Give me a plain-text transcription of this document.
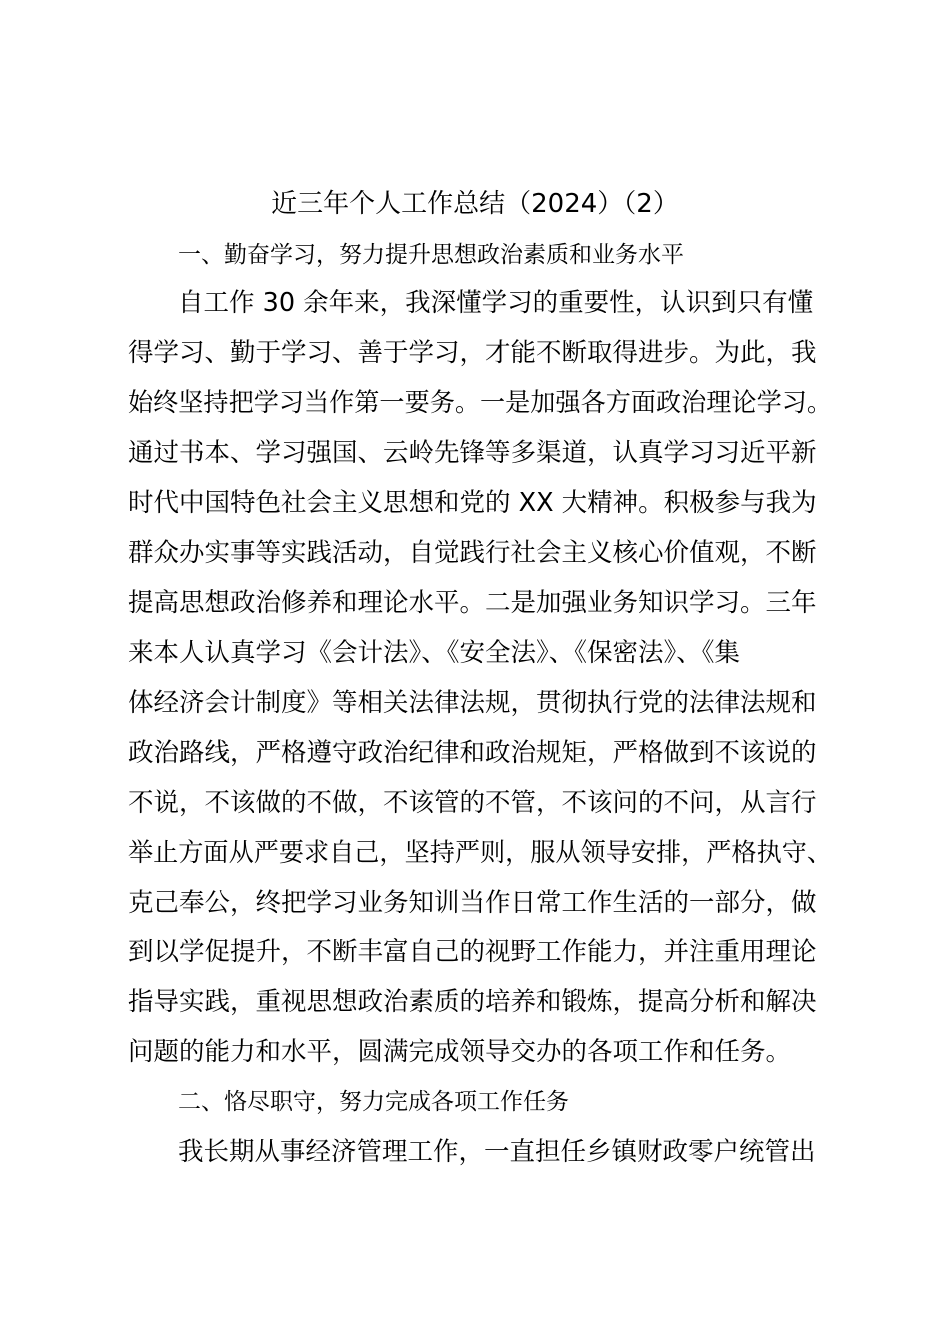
近三年个人工作总结（2024）（2）
一、勤奋学习，努力提升思想政治素质和业务水平
自工作 30 余年来，我深懂学习的重要性，认识到只有懂
得学习、勤于学习、善于学习，才能不断取得进步。为此，我
始终坚持把学习当作第一要务。一是加强各方面政治理论学习。
通过书本、学习强国、云岭先锋等多渠道，认真学习习近平新
时代中国特色社会主义思想和党的 XX 大精神。积极参与我为
群众办实事等实践活动，自觉践行社会主义核心价值观，不断
提高思想政治修养和理论水平。二是加强业务知识学习。三年
来本人认真学习《会计法》、《安全法》、《保密法》、《集
体经济会计制度》等相关法律法规，贯彻执行党的法律法规和
政治路线，严格遵守政治纪律和政治规矩，严格做到不该说的
不说，不该做的不做，不该管的不管，不该问的不问，从言行
举止方面从严要求自己，坚持严则，服从领导安排，严格执守、
克己奉公，终把学习业务知训当作日常工作生活的一部分，做
到以学促提升，不断丰富自己的视野工作能力，并注重用理论
指导实践，重视思想政治素质的培养和锻炼，提高分析和解决
问题的能力和水平，圆满完成领导交办的各项工作和任务。
二、恪尽职守，努力完成各项工作任务
我长期从事经济管理工作，一直担任乡镇财政零户统管出
